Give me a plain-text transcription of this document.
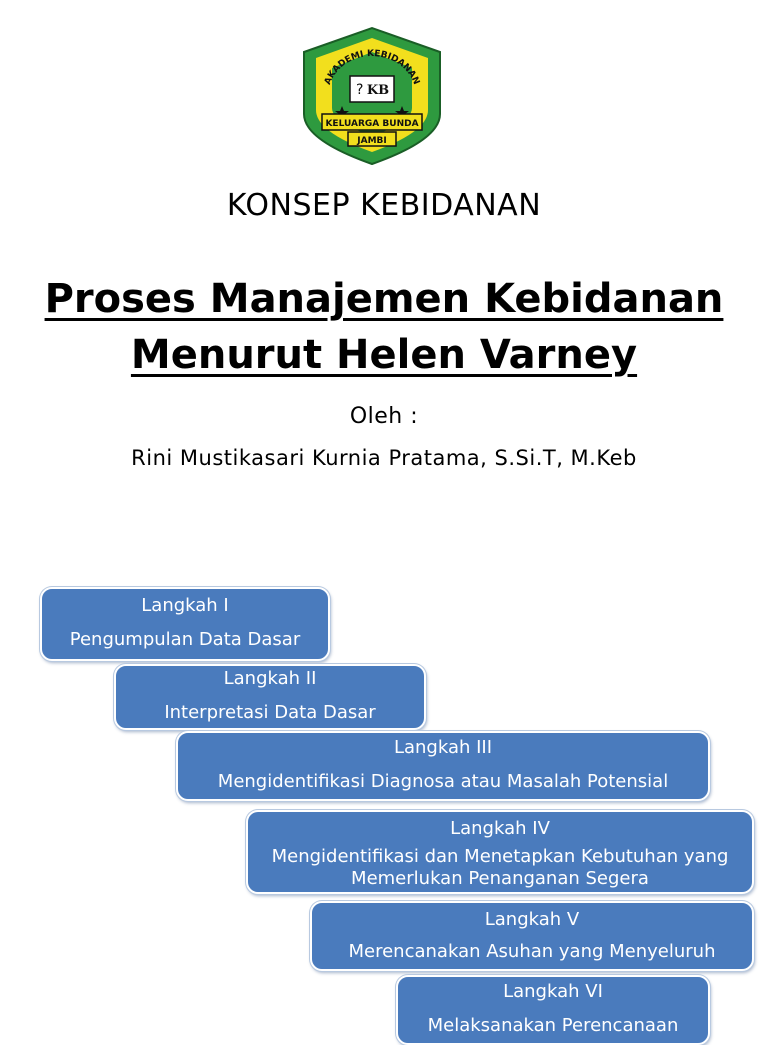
AKADEMI KEBIDANAN
? KB
KELUARGA BUNDA
JAMBI
KONSEP KEBIDANAN
Proses Manajemen Kebidanan
Menurut Helen Varney
Oleh :
Rini Mustikasari Kurnia Pratama, S.Si.T, M.Keb
Langkah I
Pengumpulan Data Dasar
Langkah II
Interpretasi Data Dasar
Langkah III
Mengidentifikasi Diagnosa atau Masalah Potensial
Langkah IV
Mengidentifikasi dan Menetapkan Kebutuhan yang Memerlukan Penanganan Segera
Langkah V
Merencanakan Asuhan yang Menyeluruh
Langkah VI
Melaksanakan Perencanaan
